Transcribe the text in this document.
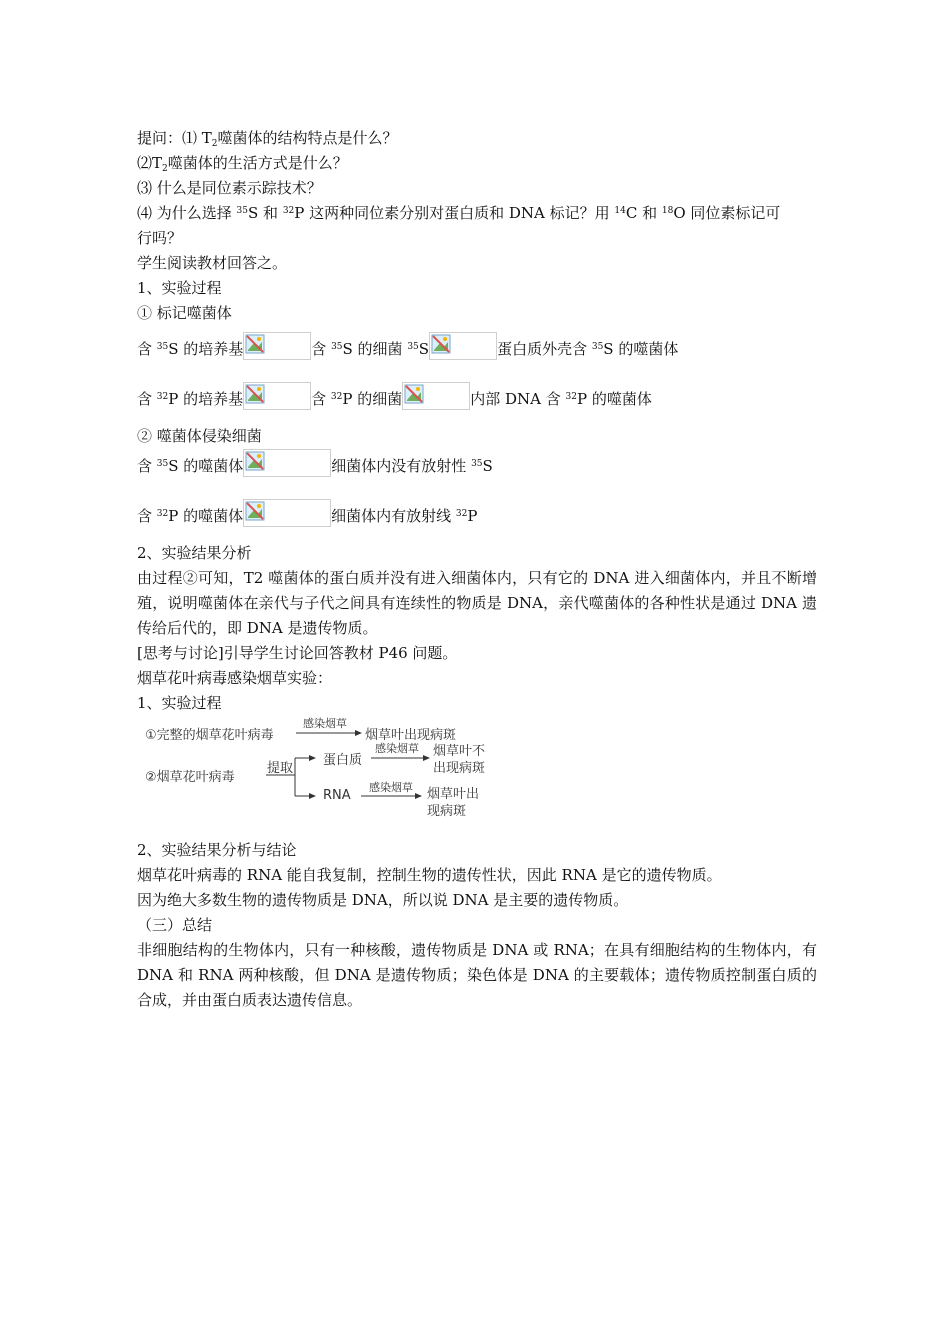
提问：⑴ $T_2$噬菌体的结构特点是什么？
$⑵T_2$噬菌体的生活方式是什么？
⑶ 什么是同位素示踪技术？
⑷ 为什么选择 $^{35}$S 和 $^{32}$P 这两种同位素分别对蛋白质和 DNA 标记？用 $^{14}$C 和 $^{18}$O 同位素标记可
行吗？
学生阅读教材回答之。
1、实验过程
① 标记噬菌体
含 $^{35}$S 的培养基	含 $^{35}$S 的细菌 $^{35}$S	蛋白质外壳含 $^{35}$S 的噬菌体
含 $^{32}$P 的培养基	含 $^{32}$P 的细菌	内部 DNA 含 $^{32}$P 的噬菌体
② 噬菌体侵染细菌
含 $^{35}$S 的噬菌体	细菌体内没有放射性 $^{35}$S
含 $^{32}$P 的噬菌体	细菌体内有放射线 $^{32}$P
2、实验结果分析
由过程②可知，T2 噬菌体的蛋白质并没有进入细菌体内，只有它的 DNA 进入细菌体内，并且不断增殖，说明噬菌体在亲代与子代之间具有连续性的物质是 DNA，亲代噬菌体的各种性状是通过 DNA 遗传给后代的，即 DNA 是遗传物质。
[思考与讨论]引导学生讨论回答教材 P46 问题。
烟草花叶病毒感染烟草实验：
1、实验过程
①完整的烟草花叶病毒
感染烟草
烟草叶出现病斑
②烟草花叶病毒
提取
蛋白质
感染烟草 烟草叶不
出现病斑
RNA
感染烟草 烟草叶出
现病斑
2、实验结果分析与结论
烟草花叶病毒的 RNA 能自我复制，控制生物的遗传性状，因此 RNA 是它的遗传物质。
因为绝大多数生物的遗传物质是 DNA，所以说 DNA 是主要的遗传物质。
（三）总结
非细胞结构的生物体内，只有一种核酸，遗传物质是 DNA 或 RNA；在具有细胞结构的生物体内，有 DNA 和 RNA 两种核酸，但 DNA 是遗传物质；染色体是 DNA 的主要载体；遗传物质控制蛋白质的合成，并由蛋白质表达遗传信息。
